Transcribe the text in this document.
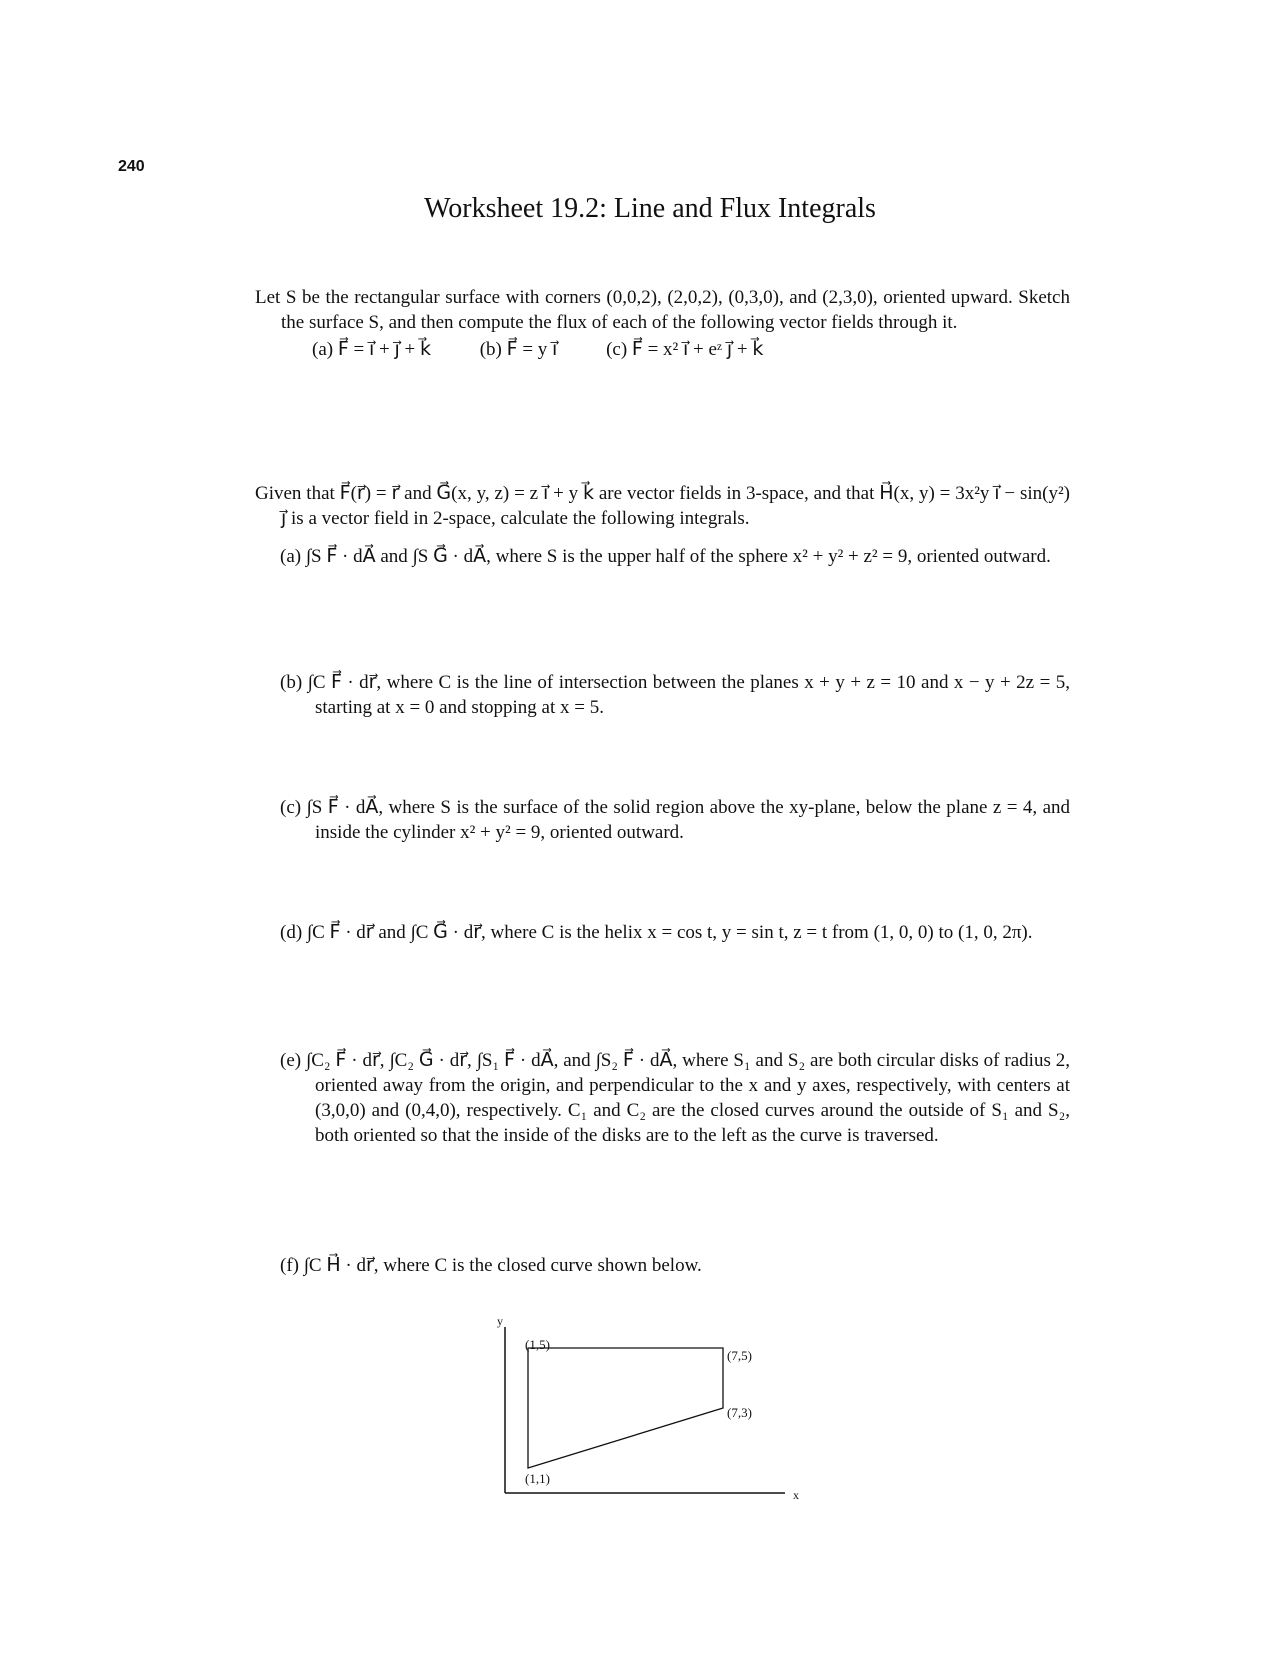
240
Worksheet 19.2: Line and Flux Integrals
Let S be the rectangular surface with corners (0,0,2), (2,0,2), (0,3,0), and (2,3,0), oriented upward. Sketch the surface S, and then compute the flux of each of the following vector fields through it.
(a) F⃗ = i⃗ + j⃗ + k⃗	(b) F⃗ = y i⃗	(c) F⃗ = x² i⃗ + eᶻ j⃗ + k⃗
Given that F⃗(r⃗) = r⃗ and G⃗(x, y, z) = z i⃗ + y k⃗ are vector fields in 3-space, and that H⃗(x, y) = 3x²y i⃗ − sin(y²) j⃗ is a vector field in 2-space, calculate the following integrals.
(a) ∫S F⃗ · dA⃗ and ∫S G⃗ · dA⃗, where S is the upper half of the sphere x² + y² + z² = 9, oriented outward.
(b) ∫C F⃗ · dr⃗, where C is the line of intersection between the planes x + y + z = 10 and x − y + 2z = 5, starting at x = 0 and stopping at x = 5.
(c) ∫S F⃗ · dA⃗, where S is the surface of the solid region above the xy-plane, below the plane z = 4, and inside the cylinder x² + y² = 9, oriented outward.
(d) ∫C F⃗ · dr⃗ and ∫C G⃗ · dr⃗, where C is the helix x = cos t, y = sin t, z = t from (1, 0, 0) to (1, 0, 2π).
(e) ∫C₂ F⃗ · dr⃗, ∫C₂ G⃗ · dr⃗, ∫S₁ F⃗ · dA⃗, and ∫S₂ F⃗ · dA⃗, where S₁ and S₂ are both circular disks of radius 2, oriented away from the origin, and perpendicular to the x and y axes, respectively, with centers at (3,0,0) and (0,4,0), respectively. C₁ and C₂ are the closed curves around the outside of S₁ and S₂, both oriented so that the inside of the disks are to the left as the curve is traversed.
(f) ∫C H⃗ · dr⃗, where C is the closed curve shown below.
y
x
(1,5)
(7,5)
(7,3)
(1,1)
